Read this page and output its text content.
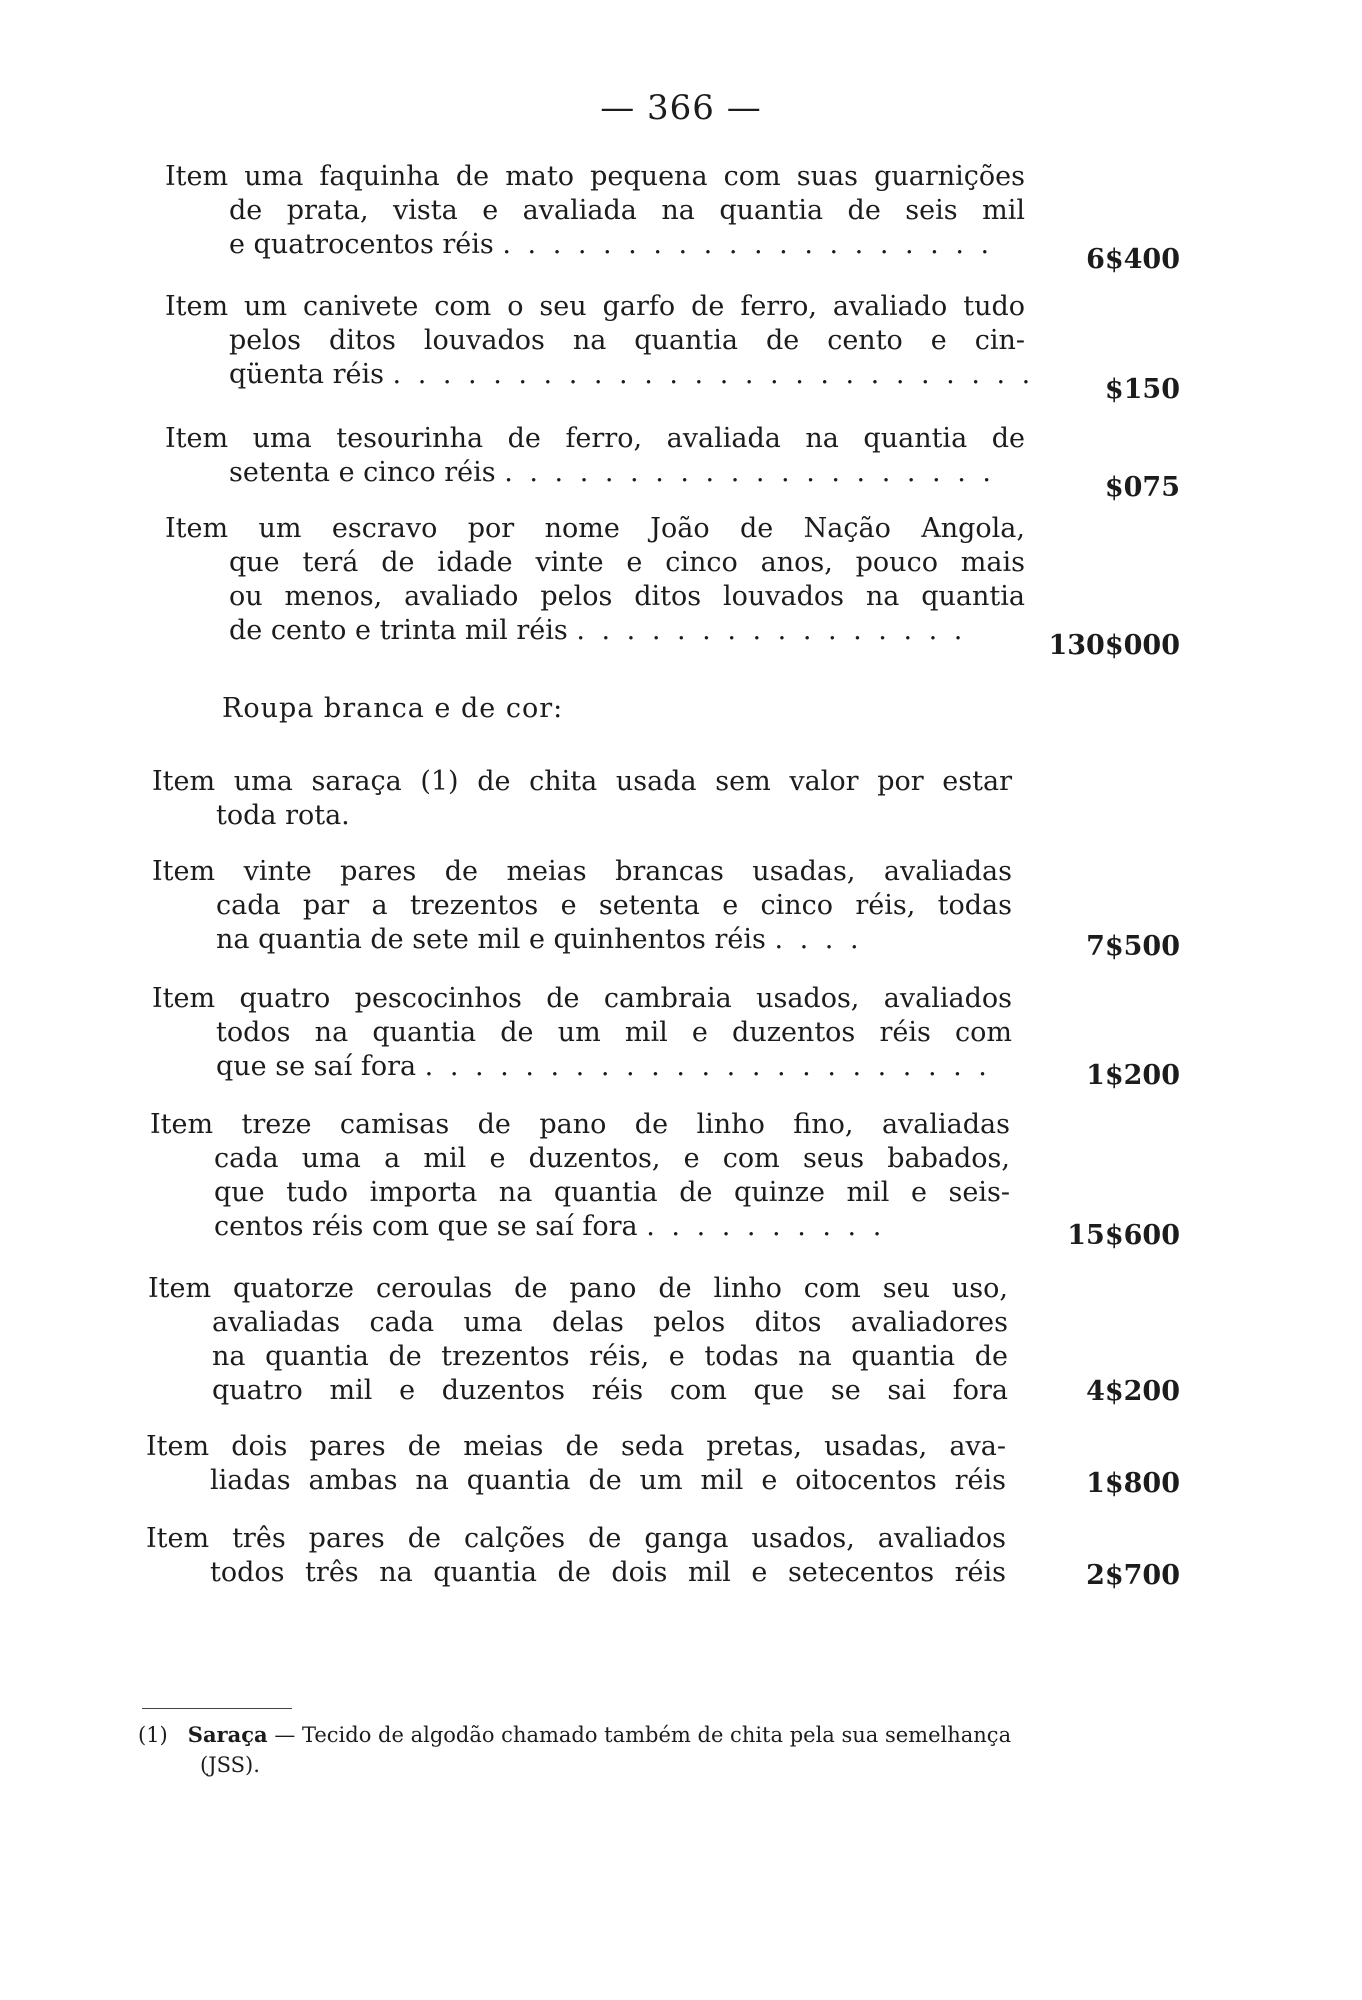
— 366 —
Item uma faquinha de mato pequena com suas guarnições
de prata, vista e avaliada na quantia de seis mil
e quatrocentos réis . . . . . . . . . . . . . . . . . . . .	6$400
Item um canivete com o seu garfo de ferro, avaliado tudo
pelos ditos louvados na quantia de cento e cin-
qüenta réis . . . . . . . . . . . . . . . . . . . . . . . . . .	$150
Item uma tesourinha de ferro, avaliada na quantia de
setenta e cinco réis . . . . . . . . . . . . . . . . . . . .	$075
Item um escravo por nome João de Nação Angola,
que terá de idade vinte e cinco anos, pouco mais
ou menos, avaliado pelos ditos louvados na quantia
de cento e trinta mil réis . . . . . . . . . . . . . . . .	130$000
Roupa branca e de cor:
Item uma saraça (1) de chita usada sem valor por estar
toda rota.
Item vinte pares de meias brancas usadas, avaliadas
cada par a trezentos e setenta e cinco réis, todas
na quantia de sete mil e quinhentos réis . . . .	7$500
Item quatro pescocinhos de cambraia usados, avaliados
todos na quantia de um mil e duzentos réis com
que se saí fora . . . . . . . . . . . . . . . . . . . . . . .	1$200
Item treze camisas de pano de linho fino, avaliadas
cada uma a mil e duzentos, e com seus babados,
que tudo importa na quantia de quinze mil e seis-
centos réis com que se saí fora . . . . . . . . . .	15$600
Item quatorze ceroulas de pano de linho com seu uso,
avaliadas cada uma delas pelos ditos avaliadores
na quantia de trezentos réis, e todas na quantia de
quatro mil e duzentos réis com que se sai fora	4$200
Item dois pares de meias de seda pretas, usadas, ava-
liadas ambas na quantia de um mil e oitocentos réis	1$800
Item três pares de calções de ganga usados, avaliados
todos três na quantia de dois mil e setecentos réis	2$700
(1) Saraça — Tecido de algodão chamado também de chita pela sua semelhança
(JSS).
